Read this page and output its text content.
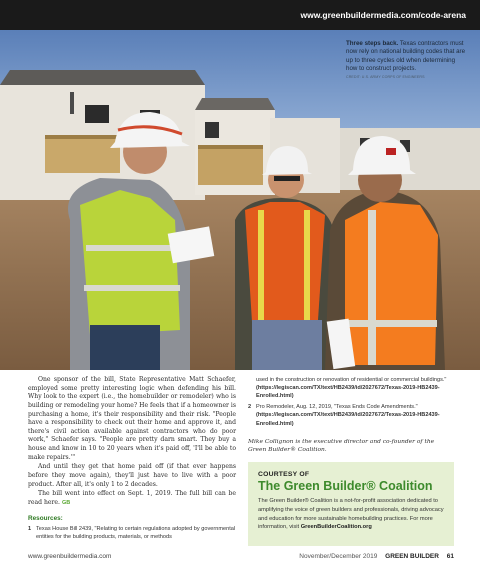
www.greenbuildermedia.com/code-arena
Three steps back. Texas contractors must now rely on national building codes that are up to three cycles old when determining how to construct projects.
CREDIT: U.S. ARMY CORPS OF ENGINEERS

One sponsor of the bill, State Representative Matt Schaefer, employed some pretty interesting logic when defending his bill. Why look to the expert (i.e., the homebuilder or remodeler) who is building or remodeling your home? He feels that if a homeowner is purchasing a home, it's their responsibility and their risk. "People have a responsibility to check out their home and approve it, and there's civil action available against contractors who do poor work," Schaefer says. "People are pretty darn smart. They buy a house and know in 10 to 20 years when it's paid off, 'I'll be able to make repairs.'"

And until they get that home paid off (if that ever happens before they move again), they'll just have to live with a poor product. After all, it's only 1 to 2 decades.

The bill went into effect on Sept. 1, 2019. The full bill can be read here. GB

Resources:
1 Texas House Bill 2439, "Relating to certain regulations adopted by governmental entities for the building products, materials, or methods
used in the construction or renovation of residential or commercial buildings." (https://legiscan.com/TX/text/HB2439/id/2027672/Texas-2019-HB2439-Enrolled.html)
2 Pro Remodeler, Aug. 12, 2019, "Texas Ends Code Amendments." (https://legiscan.com/TX/text/HB2439/id/2027672/Texas-2019-HB2439-Enrolled.html)
Mike Collignon is the executive director and co-founder of the Green Builder® Coalition.
COURTESY OF
The Green Builder® Coalition
The Green Builder® Coalition is a not-for-profit association dedicated to amplifying the voice of green builders and professionals, driving advocacy and education for more sustainable homebuilding practices. For more information, visit GreenBuilderCoalition.org
www.greenbuildermedia.com	November/December 2019 GREEN BUILDER 61
